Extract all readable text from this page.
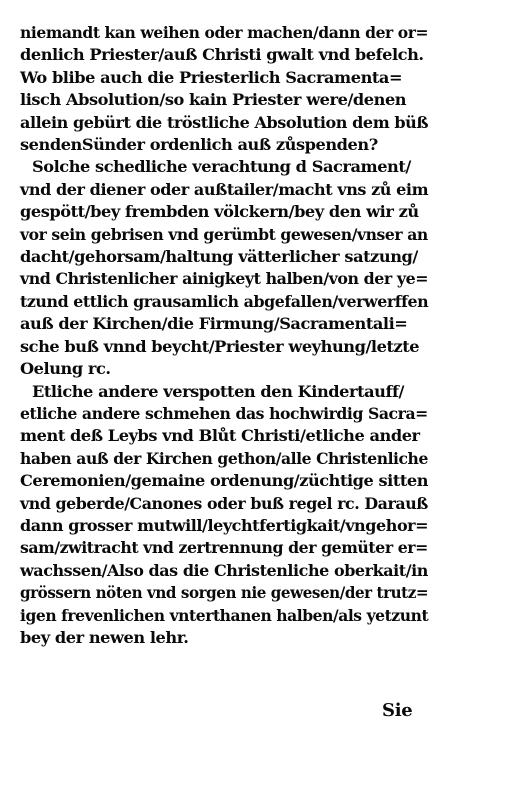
niemandt kan weihen oder machen/dann der or=
denlich Priester/auß Christi gwalt vnd befelch.
Wo blibe auch die Priesterlich Sacramenta=
lisch Absolution/so kain Priester were/denen
allein gebürt die tröstliche Absolution dem büß
sendenSünder ordenlich auß zůspenden?
Solche schedliche verachtung d Sacrament/
vnd der diener oder außtailer/macht vns zů eim
gespött/bey frembden völckern/bey den wir zů
vor sein gebrisen vnd gerümbt gewesen/vnser an
dacht/gehorsam/haltung vätterlicher satzung/
vnd Christenlicher ainigkeyt halben/von der ye=
tzund ettlich grausamlich abgefallen/verwerffen
auß der Kirchen/die Firmung/Sacramentali=
sche buß vnnd beycht/Priester weyhung/letzte
Oelung rc.
Etliche andere verspotten den Kindertauff/
etliche andere schmehen das hochwirdig Sacra=
ment deß Leybs vnd Blůt Christi/etliche ander
haben auß der Kirchen gethon/alle Christenliche
Ceremonien/gemaine ordenung/züchtige sitten
vnd geberde/Canones oder buß regel rc. Darauß
dann grosser mutwill/leychtfertigkait/vngehor=
sam/zwitracht vnd zertrennung der gemüter er=
wachssen/Also das die Christenliche oberkait/in
grössern nöten vnd sorgen nie gewesen/der trutz=
igen frevenlichen vnterthanen halben/als yetzunt
bey der newen lehr.
Sie
